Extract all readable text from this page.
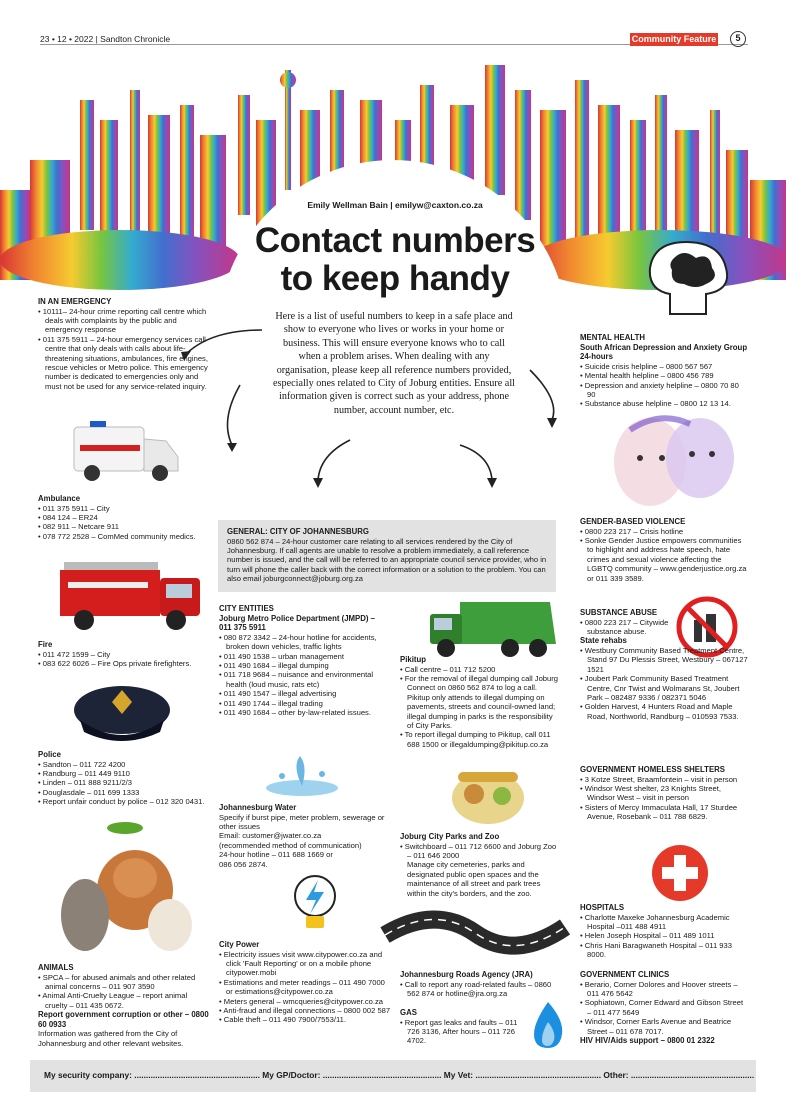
23 • 12 • 2022 | Sandton Chronicle	Community Feature	5
Emily Wellman Bain | emilyw@caxton.co.za
Contact numbers
to keep handy
Here is a list of useful numbers to keep in a safe place and show to everyone who lives or works in your home or business. This will ensure everyone knows who to call when a problem arises. When dealing with any organisation, please keep all reference numbers provided, especially ones related to City of Joburg entities. Ensure all information given is correct such as your address, phone number, account number, etc.
IN AN EMERGENCY
• 10111– 24-hour crime reporting call centre which deals with complaints by the public and emergency response
• 011 375 5911 – 24-hour emergency services call centre that only deals with calls about life-threatening situations, ambulances, fire engines, rescue vehicles or Metro police. This emergency number is dedicated to emergencies only and must not be used for any service-related inquiry.
Ambulance
• 011 375 5911 – City
• 084 124 – ER24
• 082 911 – Netcare 911
• 078 772 2528 – ComMed community medics.
Fire
• 011 472 1599 – City
• 083 622 6026 – Fire Ops private firefighters.
Police
• Sandton – 011 722 4200
• Randburg – 011 449 9110
• Linden – 011 888 9211/2/3
• Douglasdale – 011 699 1333
• Report unfair conduct by police – 012 320 0431.
ANIMALS
• SPCA – for abused animals and other related animal concerns – 011 907 3590
• Animal Anti-Cruelty League – report animal cruelty – 011 435 0672.
Report government corruption or other – 0800 60 0933
Information was gathered from the City of Johannesburg and other relevant websites.
GENERAL: CITY OF JOHANNESBURG
0860 562 874 – 24-hour customer care relating to all services rendered by the City of Johannesburg. If call agents are unable to resolve a problem immediately, a call reference number is issued, and the call will be referred to an appropriate council service provider, who in turn will phone the caller back with the correct information or a solution to the problem. You can also email joburgconnect@joburg.org.za
CITY ENTITIES
Joburg Metro Police Department (JMPD) – 011 375 5911
• 080 872 3342 – 24-hour hotline for accidents, broken down vehicles, traffic lights
• 011 490 1538 – urban management
• 011 490 1684 – illegal dumping
• 011 718 9684 – nuisance and environmental health (loud music, rats etc)
• 011 490 1547 – illegal advertising
• 011 490 1744 – illegal trading
• 011 490 1684 – other by-law-related issues.
Johannesburg Water
Specify if burst pipe, meter problem, sewerage or other issues
Email: customer@jwater.co.za
(recommended method of communication)
24-hour hotline – 011 688 1669 or
086 056 2874.
City Power
• Electricity issues visit www.citypower.co.za and click 'Fault Reporting' or on a mobile phone citypower.mobi
• Estimations and meter readings – 011 490 7000 or estimations@citypower.co.za
• Meters general – wmcqueries@citypower.co.za
• Anti-fraud and illegal connections – 0800 002 587
• Cable theft – 011 490 7900/7553/11.
Pikitup
• Call centre – 011 712 5200
• For the removal of illegal dumping call Joburg Connect on 0860 562 874 to log a call. Pikitup only attends to illegal dumping on pavements, streets and council-owned land; illegal dumping in parks is the responsibility of City Parks.
• To report illegal dumping to Pikitup, call 011 688 1500 or illegaldumping@pikitup.co.za
Joburg City Parks and Zoo
• Switchboard – 011 712 6600 and Joburg Zoo – 011 646 2000
Manage city cemeteries, parks and designated public open spaces and the maintenance of all street and park trees within the city's borders, and the zoo.
Johannesburg Roads Agency (JRA)
• Call to report any road-related faults – 0860 562 874 or hotline@jra.org.za
GAS
• Report gas leaks and faults – 011 726 3136, After hours – 011 726 4702.
MENTAL HEALTH
South African Depression and Anxiety Group 24-hours
• Suicide crisis helpline – 0800 567 567
• Mental health helpline – 0800 456 789
• Depression and anxiety helpline – 0800 70 80 90
• Substance abuse helpline – 0800 12 13 14.
GENDER-BASED VIOLENCE
• 0800 223 217 – Crisis hotline
• Sonke Gender Justice empowers communities to highlight and address hate speech, hate crimes and sexual violence affecting the LGBTQ community – www.genderjustice.org.za or 011 339 3589.
SUBSTANCE ABUSE
• 0800 223 217 – Citywide substance abuse.
State rehabs
• Westbury Community Based Treatment Centre, Stand 97 Du Plessis Street, Westbury – 067127 1521
• Joubert Park Community Based Treatment Centre, Cnr Twist and Wolmarans St, Joubert Park – 082487 9336 / 082371 5046
• Golden Harvest, 4 Hunters Road and Maple Road, Northworld, Randburg – 010593 7533.
GOVERNMENT HOMELESS SHELTERS
• 3 Kotze Street, Braamfontein – visit in person
• Windsor West shelter, 23 Knights Street, Windsor West – visit in person
• Sisters of Mercy Immaculata Hall, 17 Sturdee Avenue, Rosebank – 011 788 6829.
HOSPITALS
• Charlotte Maxeke Johannesburg Academic Hospital –011 488 4911
• Helen Joseph Hospital – 011 489 1011
• Chris Hani Baragwaneth Hospital – 011 933 8000.
GOVERNMENT CLINICS
• Berario, Corner Dolores and Hoover streets – 011 476 5642
• Sophiatown, Corner Edward and Gibson Street – 011 477 5649
• Windsor, Corner Earls Avenue and Beatrice Street – 011 678 7017.
HIV HIV/Aids support – 0800 01 2322
My security company: ...................................................... My GP/Doctor: ................................................... My Vet: ...................................................... Other: .....................................................
